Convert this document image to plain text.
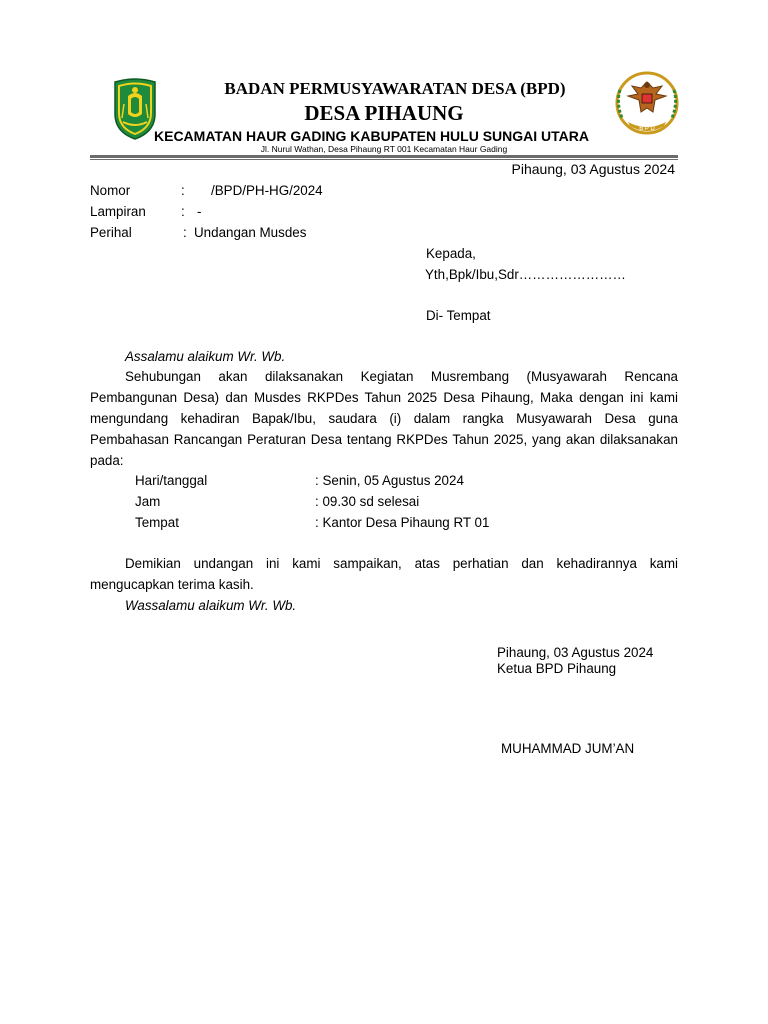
B P D
BADAN PERMUSYAWARATAN DESA (BPD)
DESA PIHAUNG
KECAMATAN HAUR GADING KABUPATEN HULU SUNGAI UTARA
Jl. Nurul Wathan, Desa Pihaung RT 001 Kecamatan Haur Gading
Pihaung, 03 Agustus 2024
Nomor	: /BPD/PH-HG/2024
Lampiran	: -
Perihal	: Undangan Musdes
Kepada,
Yth,Bpk/Ibu,Sdr……………………
Di- Tempat
Assalamu alaikum Wr. Wb.
Sehubungan akan dilaksanakan Kegiatan Musrembang (Musyawarah Rencana Pembangunan Desa) dan Musdes RKPDes Tahun 2025 Desa Pihaung, Maka dengan ini kami mengundang kehadiran Bapak/Ibu, saudara (i) dalam rangka Musyawarah Desa guna Pembahasan Rancangan Peraturan Desa tentang RKPDes Tahun 2025, yang akan dilaksanakan pada:
Hari/tanggal	: Senin, 05 Agustus 2024
Jam	: 09.30 sd selesai
Tempat	: Kantor Desa Pihaung RT 01
Demikian undangan ini kami sampaikan, atas perhatian dan kehadirannya kami mengucapkan terima kasih.
Wassalamu alaikum Wr. Wb.
Pihaung, 03 Agustus 2024
Ketua BPD Pihaung
MUHAMMAD JUM’AN
